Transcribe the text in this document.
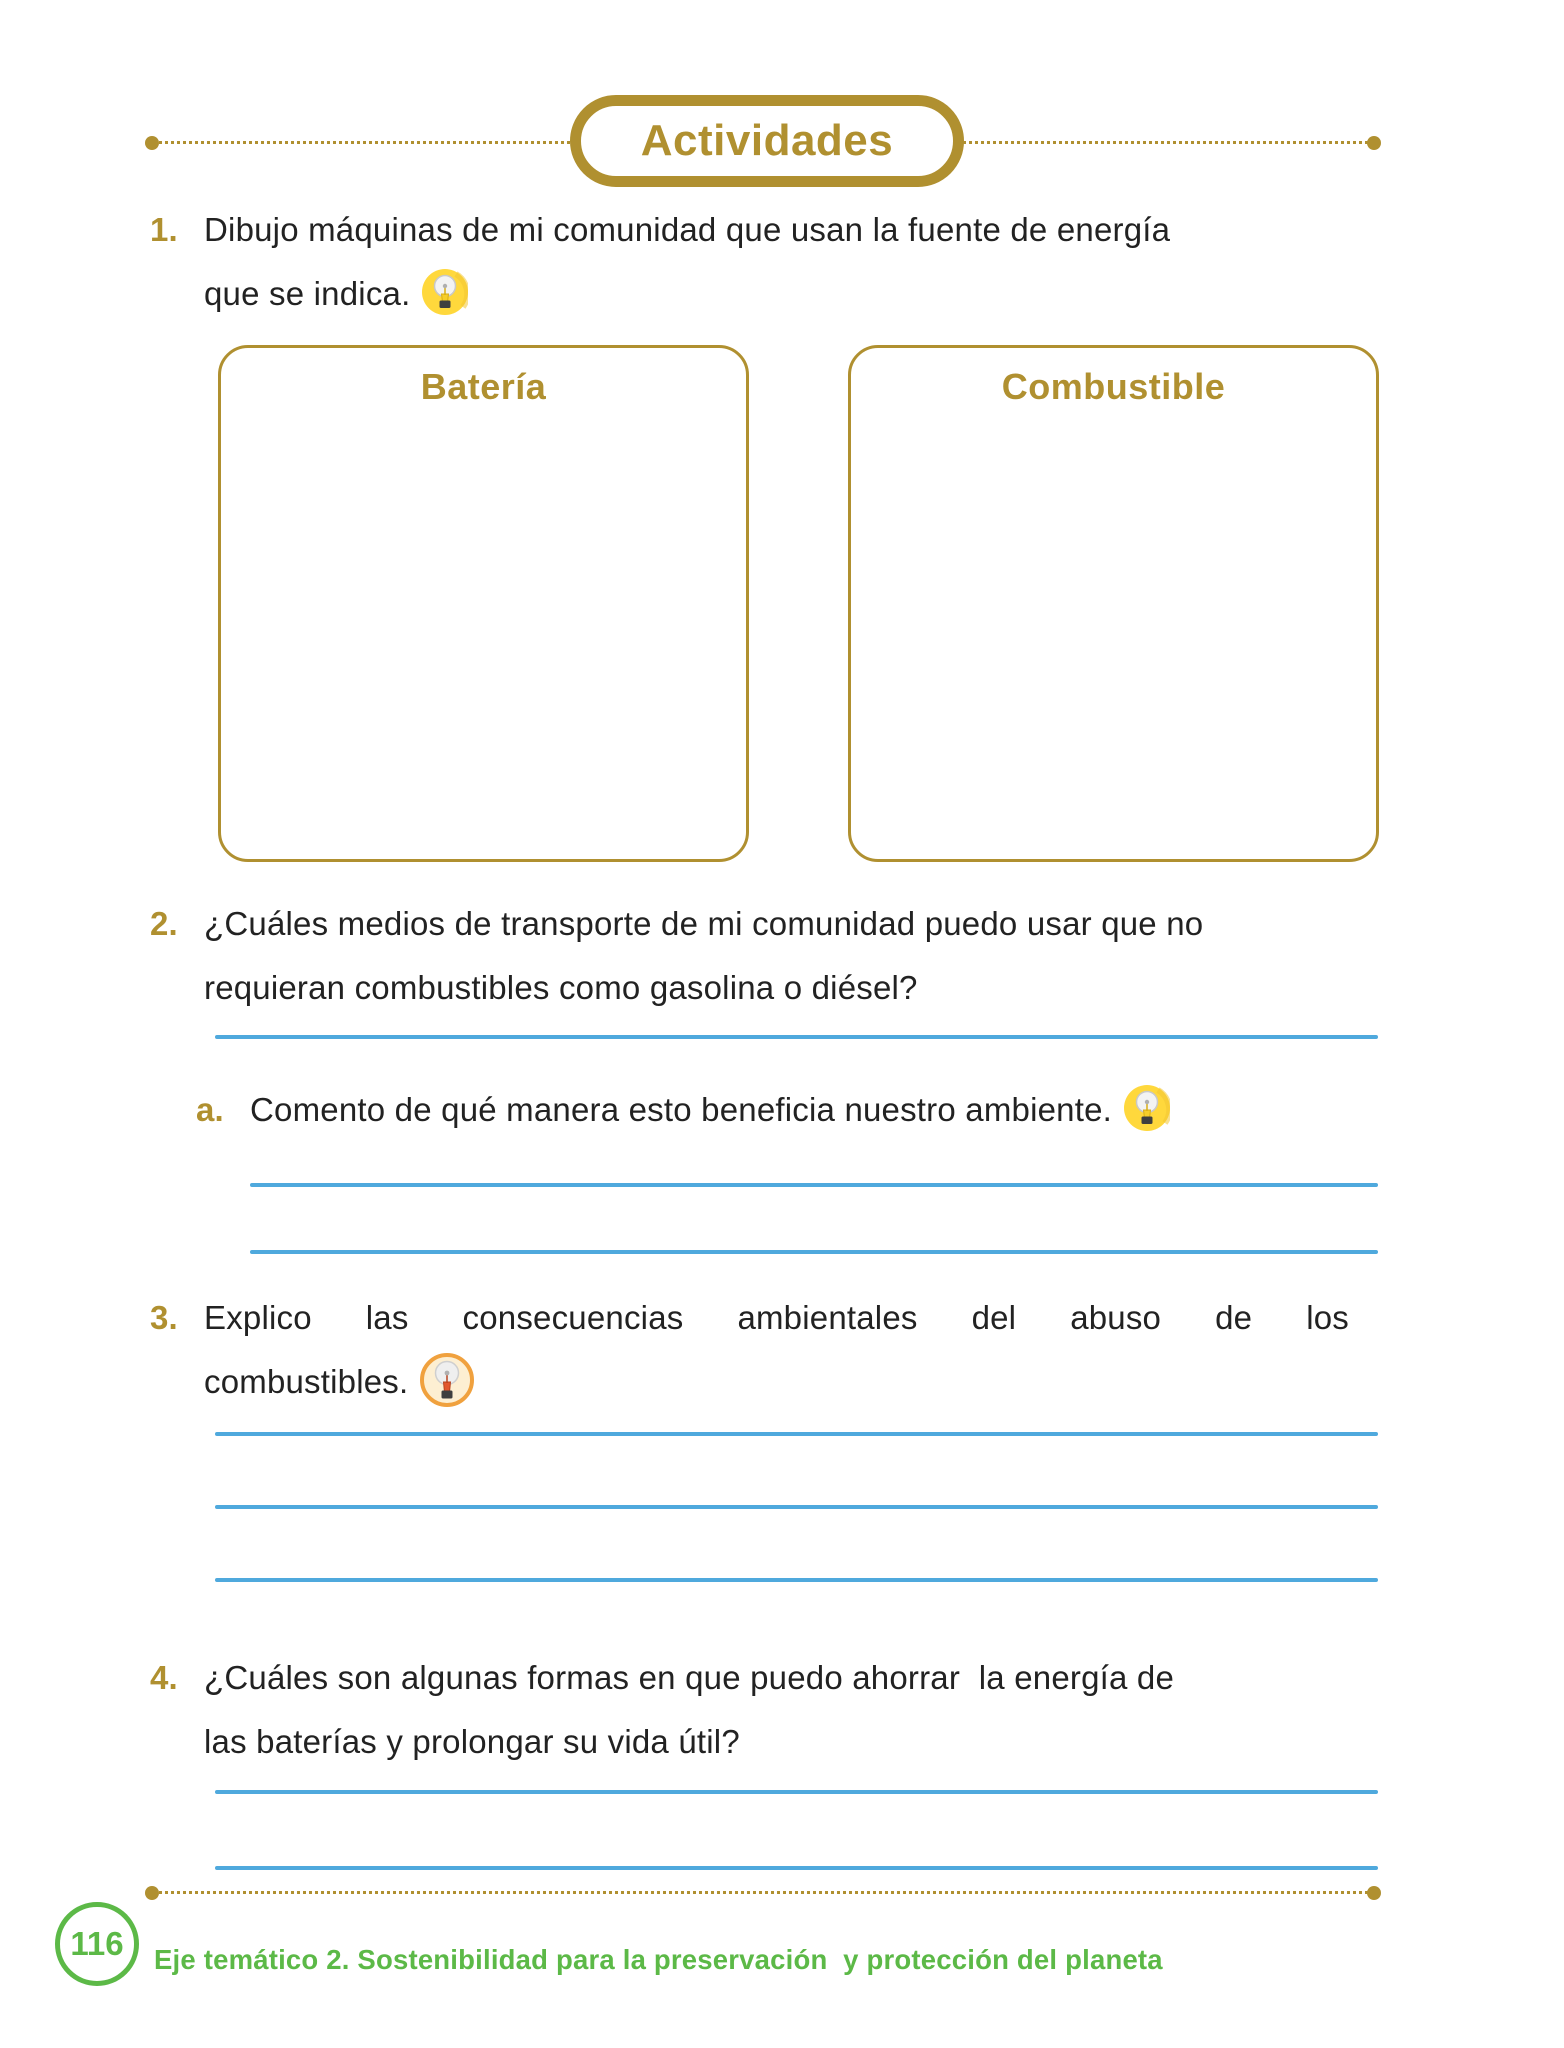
Actividades
1. Dibujo máquinas de mi comunidad que usan la fuente de energía
que se indica.
Batería	Combustible
2. ¿Cuáles medios de transporte de mi comunidad puedo usar que no
requieran combustibles como gasolina o diésel?
a. Comento de qué manera esto beneficia nuestro ambiente.
3. Explico las consecuencias ambientales del abuso de los
combustibles.
4. ¿Cuáles son algunas formas en que puedo ahorrar  la energía de
las baterías y prolongar su vida útil?
116 Eje temático 2. Sostenibilidad para la preservación  y protección del planeta
